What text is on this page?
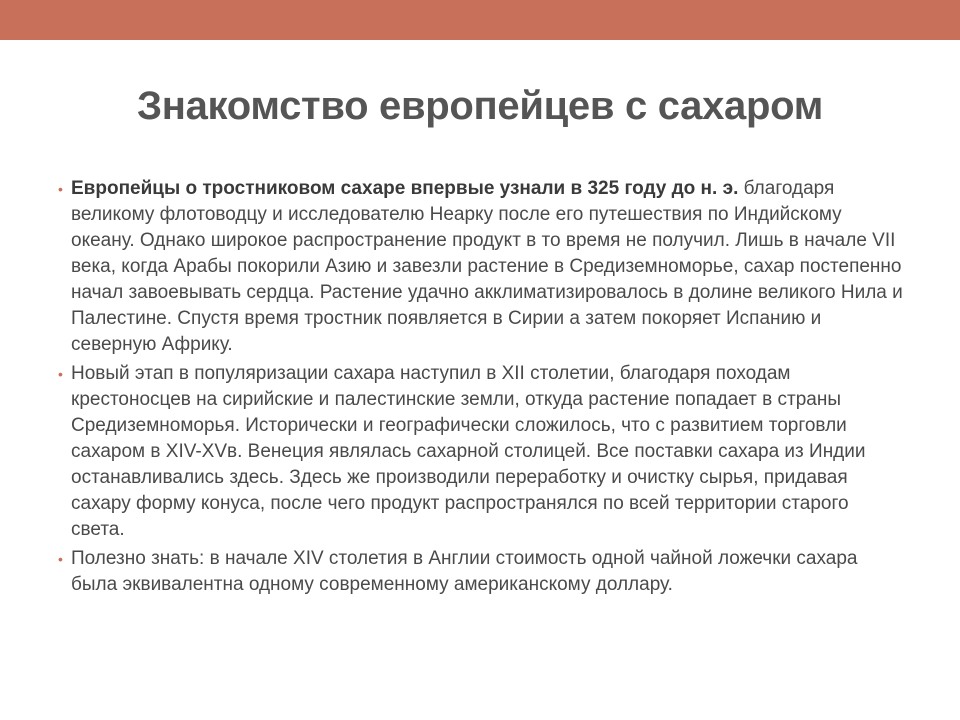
Знакомство европейцев с сахаром
• Европейцы о тростниковом сахаре впервые узнали в 325 году до н. э. благодаря великому флотоводцу и исследователю Неарку после его путешествия по Индийскому океану. Однако широкое распространение продукт в то время не получил. Лишь в начале VII века, когда Арабы покорили Азию и завезли растение в Средиземноморье, сахар постепенно начал завоевывать сердца. Растение удачно акклиматизировалось в долине великого Нила и Палестине. Спустя время тростник появляется в Сирии а затем покоряет Испанию и северную Африку.
• Новый этап в популяризации сахара наступил в XII столетии, благодаря походам крестоносцев на сирийские и палестинские земли, откуда растение попадает в страны Средиземноморья. Исторически и географически сложилось, что с развитием торговли сахаром в XIV-XVв. Венеция являлась сахарной столицей. Все поставки сахара из Индии останавливались здесь. Здесь же производили переработку и очистку сырья, придавая сахару форму конуса, после чего продукт распространялся по всей территории старого света.
• Полезно знать: в начале XIV столетия в Англии стоимость одной чайной ложечки сахара была эквивалентна одному современному американскому доллару.
